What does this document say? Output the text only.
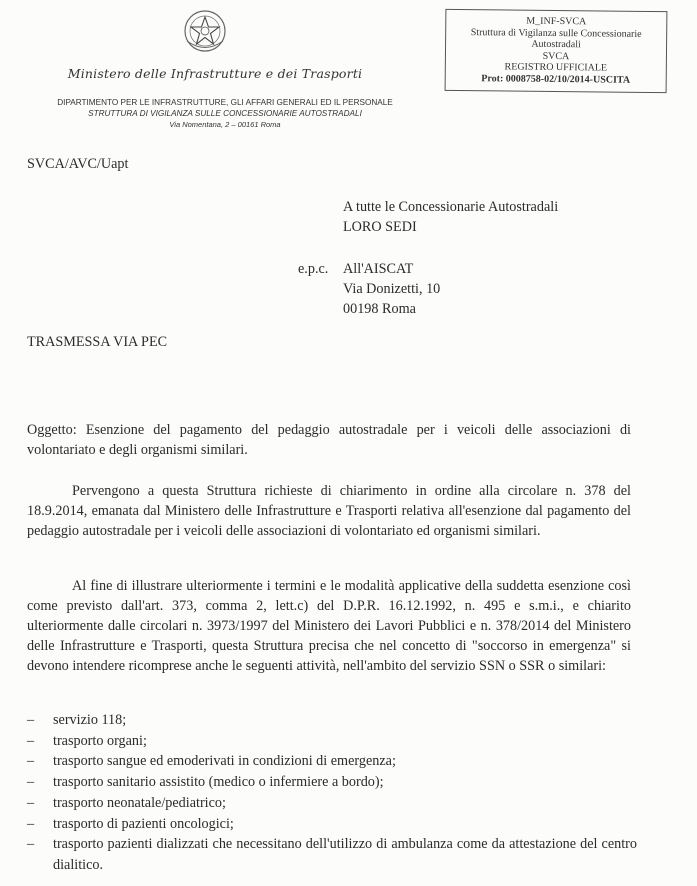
Ministero delle Infrastrutture e dei Trasporti
DIPARTIMENTO PER LE INFRASTRUTTURE, GLI AFFARI GENERALI ED IL PERSONALE
STRUTTURA DI VIGILANZA SULLE CONCESSIONARIE AUTOSTRADALI
Via Nomentana, 2 – 00161 Roma
M_INF-SVCA
Struttura di Vigilanza sulle Concessionarie
Autostradali
SVCA
REGISTRO UFFICIALE
Prot: 0008758-02/10/2014-USCITA
SVCA/AVC/Uapt
A tutte le Concessionarie Autostradali
LORO SEDI
e.p.c. All'AISCAT
Via Donizetti, 10
00198 Roma
TRASMESSA VIA PEC
Oggetto: Esenzione del pagamento del pedaggio autostradale per i veicoli delle associazioni di volontariato e degli organismi similari.
Pervengono a questa Struttura richieste di chiarimento in ordine alla circolare n. 378 del 18.9.2014, emanata dal Ministero delle Infrastrutture e Trasporti relativa all'esenzione dal pagamento del pedaggio autostradale per i veicoli delle associazioni di volontariato ed organismi similari.
Al fine di illustrare ulteriormente i termini e le modalità applicative della suddetta esenzione così come previsto dall'art. 373, comma 2, lett.c) del D.P.R. 16.12.1992, n. 495 e s.m.i., e chiarito ulteriormente dalle circolari n. 3973/1997 del Ministero dei Lavori Pubblici e n. 378/2014 del Ministero delle Infrastrutture e Trasporti, questa Struttura precisa che nel concetto di "soccorso in emergenza" si devono intendere ricomprese anche le seguenti attività, nell'ambito del servizio SSN o SSR o similari:
– servizio 118;
– trasporto organi;
– trasporto sangue ed emoderivati in condizioni di emergenza;
– trasporto sanitario assistito (medico o infermiere a bordo);
– trasporto neonatale/pediatrico;
– trasporto di pazienti oncologici;
– trasporto pazienti dializzati che necessitano dell'utilizzo di ambulanza come da attestazione del centro dialitico.
